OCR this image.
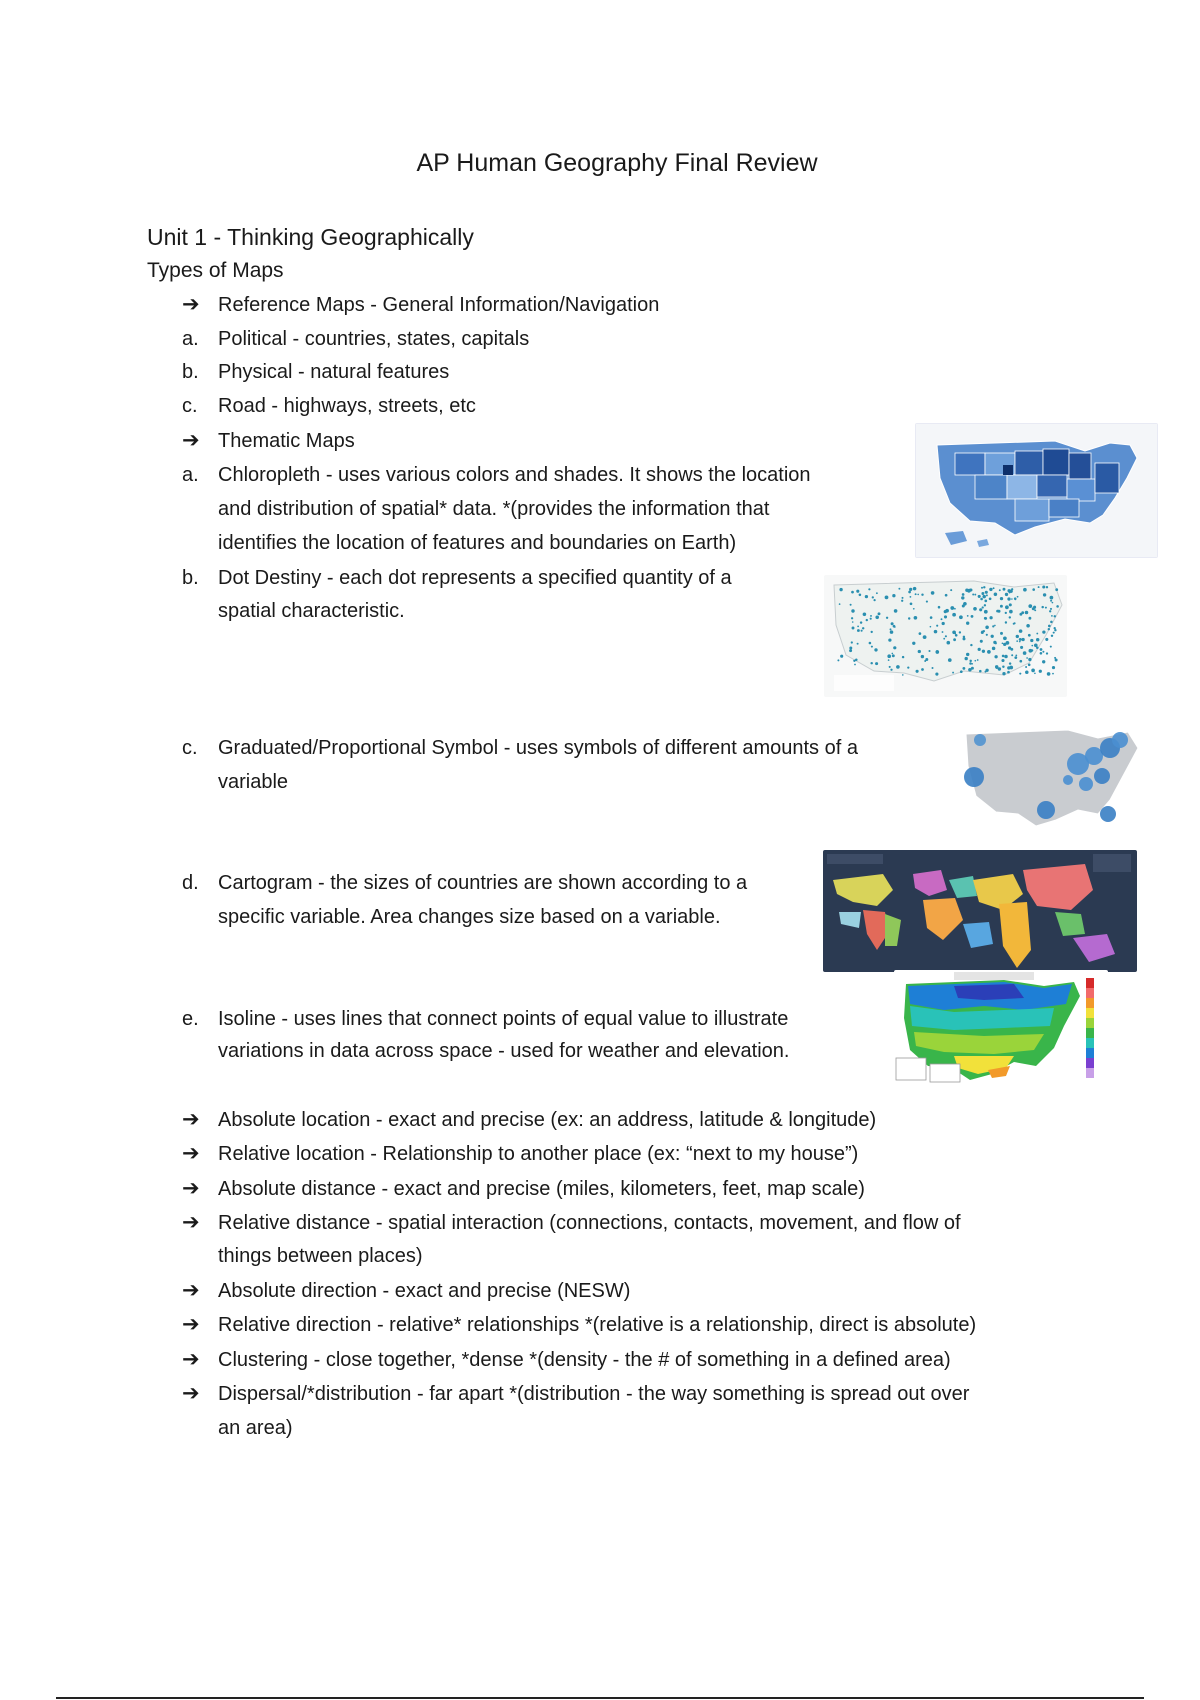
AP Human Geography Final Review
Unit 1 - Thinking Geographically
Types of Maps
➔ Reference Maps - General Information/Navigation
a. Political - countries, states, capitals
b. Physical - natural features
c.	Road - highways, streets, etc
➔ Thematic Maps
a. Chloropleth - uses various colors and shades. It shows the location
and distribution of spatial* data. *(provides the information that
identifies the location of features and boundaries on Earth)
b. Dot Destiny - each dot represents a specified quantity of a
spatial characteristic.
c.	Graduated/Proportional Symbol - uses symbols of different amounts of a
variable
d. Cartogram - the sizes of countries are shown according to a
specific variable. Area changes size based on a variable.
e. Isoline - uses lines that connect points of equal value to illustrate
variations in data across space - used for weather and elevation.
➔ Absolute location - exact and precise (ex: an address, latitude & longitude)
➔ Relative location - Relationship to another place (ex: “next to my house”)
➔ Absolute distance - exact and precise (miles, kilometers, feet, map scale)
➔ Relative distance - spatial interaction (connections, contacts, movement, and flow of
things between places)
➔ Absolute direction - exact and precise (NESW)
➔ Relative direction - relative* relationships *(relative is a relationship, direct is absolute)
➔ Clustering - close together, *dense *(density - the # of something in a defined area)
➔ Dispersal/*distribution - far apart *(distribution - the way something is spread out over
an area)
